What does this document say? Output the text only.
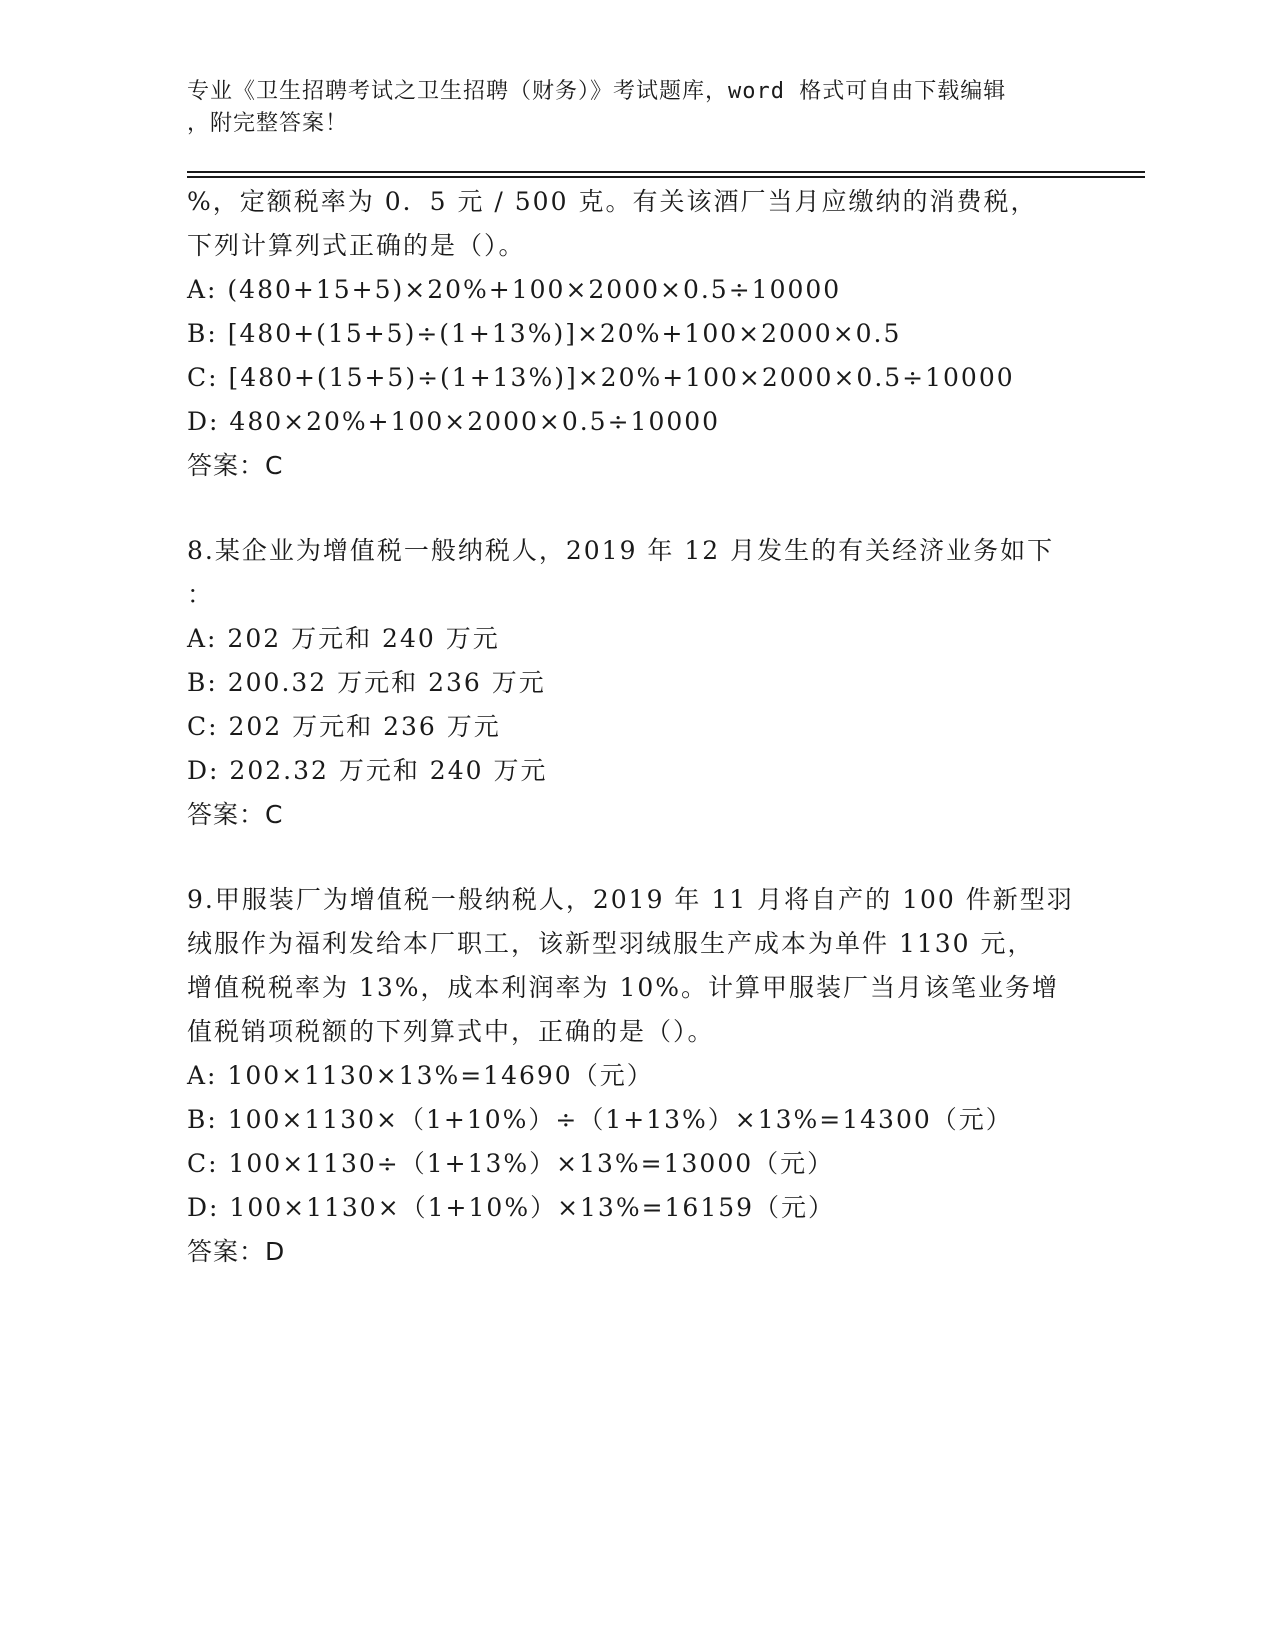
专业《卫生招聘考试之卫生招聘（财务）》考试题库，word 格式可自由下载编辑
，附完整答案！
%，定额税率为 0．5 元 / 500 克。有关该酒厂当月应缴纳的消费税，
下列计算列式正确的是（）。
A: (480+15+5)×20%+100×2000×0.5÷10000
B: [480+(15+5)÷(1+13%)]×20%+100×2000×0.5
C: [480+(15+5)÷(1+13%)]×20%+100×2000×0.5÷10000
D: 480×20%+100×2000×0.5÷10000
答案：C
8.某企业为增值税一般纳税人，2019 年 12 月发生的有关经济业务如下
：
A: 202 万元和 240 万元
B: 200.32 万元和 236 万元
C: 202 万元和 236 万元
D: 202.32 万元和 240 万元
答案：C
9.甲服装厂为增值税一般纳税人，2019 年 11 月将自产的 100 件新型羽
绒服作为福利发给本厂职工，该新型羽绒服生产成本为单件 1130 元，
增值税税率为 13%，成本利润率为 10%。计算甲服装厂当月该笔业务增
值税销项税额的下列算式中，正确的是（）。
A: 100×1130×13%=14690（元）
B: 100×1130×（1+10%）÷（1+13%）×13%=14300（元）
C: 100×1130÷（1+13%）×13%=13000（元）
D: 100×1130×（1+10%）×13%=16159（元）
答案：D
